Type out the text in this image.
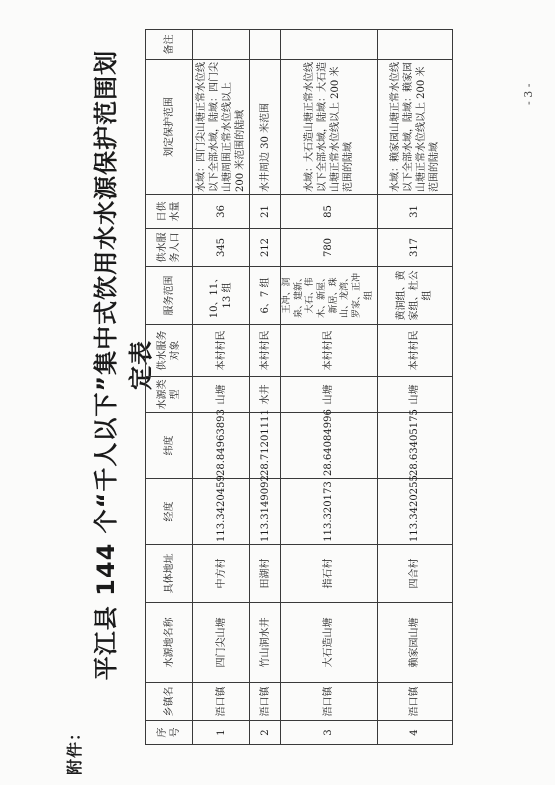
附件：
平江县 144 个“千人以下”集中式饮用水水源保护范围划定表
序号	乡镇名	水源地名称	具体地址	经度	纬度	水源类型	供水服务对象	服务范围	供水服务人口	日供水量	划定保护范围	备注
1	浯口镇	四门尖山塘	中方村	113.3420459	28.84963893	山塘	本村村民	10、11、13 组	345	36	水域：四门尖山塘正常水位线以下全部水域，陆域：四门尖山塘周围正常水位线以上 200 米范围的陆域	
2	浯口镇	竹山洞水井	田湖村	113.3149092	28.71201111	水井	本村村民	6、7 组	212	21	水井周边 30 米范围	
3	浯口镇	大石造山塘	指石村	113.320173	28.64084996	山塘	本村村民	王冲、洞泉、建新、大石、伟木、新屋、新居、珠山、龙湾、罗家、正冲组	780	85	水域：大石造山塘正常水位线以下全部水域，陆域：大石造山塘正常水位线以上 200 米范围的陆域	
4	浯口镇	赖家园山塘	四合村	113.3420255	28.63405175	山塘	本村村民	黄洞组、黄家组、杜公组	317	31	水域：赖家园山塘正常水位线以下全部水域，陆域：赖家园山塘正常水位线以上 200 米范围的陆域	
- 3 -
